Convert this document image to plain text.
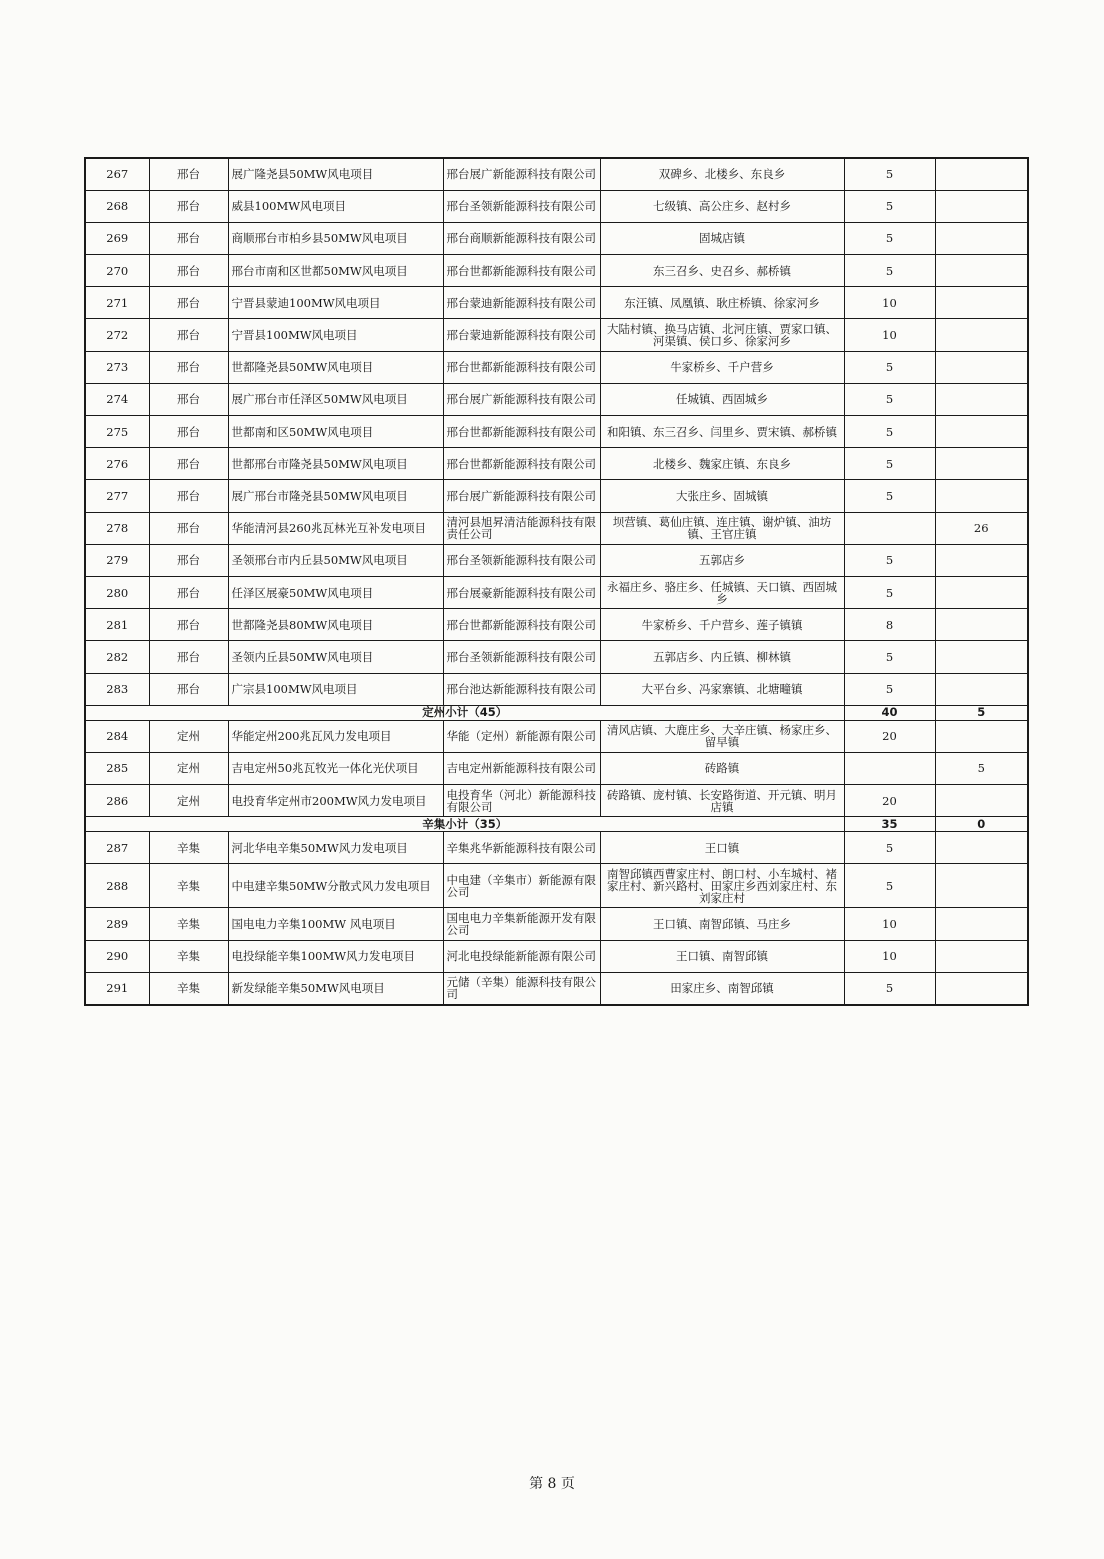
267	邢台	展广隆尧县50MW风电项目	邢台展广新能源科技有限公司	双碑乡、北楼乡、东良乡	5	
268	邢台	威县100MW风电项目	邢台圣领新能源科技有限公司	七级镇、高公庄乡、赵村乡	5	
269	邢台	商顺邢台市柏乡县50MW风电项目	邢台商顺新能源科技有限公司	固城店镇	5	
270	邢台	邢台市南和区世都50MW风电项目	邢台世都新能源科技有限公司	东三召乡、史召乡、郝桥镇	5	
271	邢台	宁晋县蒙迪100MW风电项目	邢台蒙迪新能源科技有限公司	东汪镇、凤凰镇、耿庄桥镇、徐家河乡	10	
272	邢台	宁晋县100MW风电项目	邢台蒙迪新能源科技有限公司	大陆村镇、换马店镇、北河庄镇、贾家口镇、河渠镇、侯口乡、徐家河乡	10	
273	邢台	世都隆尧县50MW风电项目	邢台世都新能源科技有限公司	牛家桥乡、千户营乡	5	
274	邢台	展广邢台市任泽区50MW风电项目	邢台展广新能源科技有限公司	任城镇、西固城乡	5	
275	邢台	世都南和区50MW风电项目	邢台世都新能源科技有限公司	和阳镇、东三召乡、闫里乡、贾宋镇、郝桥镇	5	
276	邢台	世都邢台市隆尧县50MW风电项目	邢台世都新能源科技有限公司	北楼乡、魏家庄镇、东良乡	5	
277	邢台	展广邢台市隆尧县50MW风电项目	邢台展广新能源科技有限公司	大张庄乡、固城镇	5	
278	邢台	华能清河县260兆瓦林光互补发电项目	清河县旭昇清洁能源科技有限责任公司	坝营镇、葛仙庄镇、连庄镇、谢炉镇、油坊镇、王官庄镇		26
279	邢台	圣领邢台市内丘县50MW风电项目	邢台圣领新能源科技有限公司	五郭店乡	5	
280	邢台	任泽区展豪50MW风电项目	邢台展豪新能源科技有限公司	永福庄乡、骆庄乡、任城镇、天口镇、西固城乡	5	
281	邢台	世都隆尧县80MW风电项目	邢台世都新能源科技有限公司	牛家桥乡、千户营乡、莲子镇镇	8	
282	邢台	圣领内丘县50MW风电项目	邢台圣领新能源科技有限公司	五郭店乡、内丘镇、柳林镇	5	
283	邢台	广宗县100MW风电项目	邢台池达新能源科技有限公司	大平台乡、冯家寨镇、北塘疃镇	5	
定州小计（45）					40	5
284	定州	华能定州200兆瓦风力发电项目	华能（定州）新能源有限公司	清风店镇、大鹿庄乡、大辛庄镇、杨家庄乡、留早镇	20	
285	定州	吉电定州50兆瓦牧光一体化光伏项目	吉电定州新能源科技有限公司	砖路镇		5
286	定州	电投育华定州市200MW风力发电项目	电投育华（河北）新能源科技有限公司	砖路镇、庞村镇、长安路街道、开元镇、明月店镇	20	
辛集小计（35）					35	0
287	辛集	河北华电辛集50MW风力发电项目	辛集兆华新能源科技有限公司	王口镇	5	
288	辛集	中电建辛集50MW分散式风力发电项目	中电建（辛集市）新能源有限公司	南智邱镇西曹家庄村、朗口村、小车城村、褚家庄村、新兴路村、田家庄乡西刘家庄村、东刘家庄村	5	
289	辛集	国电电力辛集100MW 风电项目	国电电力辛集新能源开发有限公司	王口镇、南智邱镇、马庄乡	10	
290	辛集	电投绿能辛集100MW风力发电项目	河北电投绿能新能源有限公司	王口镇、南智邱镇	10	
291	辛集	新发绿能辛集50MW风电项目	元储（辛集）能源科技有限公司	田家庄乡、南智邱镇	5	
第 8 页
